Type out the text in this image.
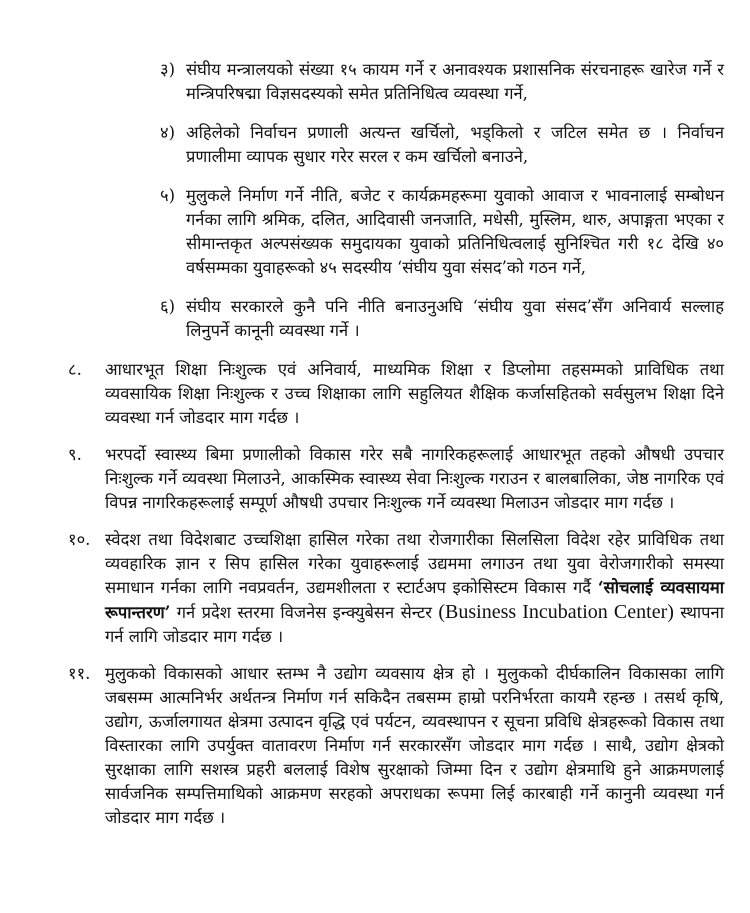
३) संघीय मन्त्रालयको संख्या १५ कायम गर्ने र अनावश्यक प्रशासनिक संरचनाहरू खारेज गर्ने र मन्त्रिपरिषद्मा विज्ञसदस्यको समेत प्रतिनिधित्व व्यवस्था गर्ने,
४) अहिलेको निर्वाचन प्रणाली अत्यन्त खर्चिलो, भड्किलो र जटिल समेत छ । निर्वाचन प्रणालीमा व्यापक सुधार गरेर सरल र कम खर्चिलो बनाउने,
५) मुलुकले निर्माण गर्ने नीति, बजेट र कार्यक्रमहरूमा युवाको आवाज र भावनालाई सम्बोधन गर्नका लागि श्रमिक, दलित, आदिवासी जनजाति, मधेसी, मुस्लिम, थारु, अपाङ्गता भएका र सीमान्तकृत अल्पसंख्यक समुदायका युवाको प्रतिनिधित्वलाई सुनिश्चित गरी १८ देखि ४० वर्षसम्मका युवाहरूको ४५ सदस्यीय ‘संघीय युवा संसद’को गठन गर्ने,
६) संघीय सरकारले कुनै पनि नीति बनाउनुअघि ‘संघीय युवा संसद’सँग अनिवार्य सल्लाह लिनुपर्ने कानूनी व्यवस्था गर्ने ।
८.	आधारभूत शिक्षा निःशुल्क एवं अनिवार्य, माध्यमिक शिक्षा र डिप्लोमा तहसम्मको प्राविधिक तथा व्यवसायिक शिक्षा निःशुल्क र उच्च शिक्षाका लागि सहुलियत शैक्षिक कर्जासहितको सर्वसुलभ शिक्षा दिने व्यवस्था गर्न जोडदार माग गर्दछ ।
९.	भरपर्दो स्वास्थ्य बिमा प्रणालीको विकास गरेर सबै नागरिकहरूलाई आधारभूत तहको औषधी उपचार निःशुल्क गर्ने व्यवस्था मिलाउने, आकस्मिक स्वास्थ्य सेवा निःशुल्क गराउन र बालबालिका, जेष्ठ नागरिक एवं विपन्न नागरिकहरूलाई सम्पूर्ण औषधी उपचार निःशुल्क गर्ने व्यवस्था मिलाउन जोडदार माग गर्दछ ।
१०. स्वेदश तथा विदेशबाट उच्चशिक्षा हासिल गरेका तथा रोजगारीका सिलसिला विदेश रहेर प्राविधिक तथा व्यवहारिक ज्ञान र सिप हासिल गरेका युवाहरूलाई उद्यममा लगाउन तथा युवा वेरोजगारीको समस्या समाधान गर्नका लागि नवप्रवर्तन, उद्यमशीलता र स्टार्टअप इकोसिस्टम विकास गर्दै ‘सोचलाई व्यवसायमा रूपान्तरण’ गर्न प्रदेश स्तरमा विजनेस इन्क्युबेसन सेन्टर (Business Incubation Center) स्थापना गर्न लागि जोडदार माग गर्दछ ।
११. मुलुकको विकासको आधार स्तम्भ नै उद्योग व्यवसाय क्षेत्र हो । मुलुकको दीर्घकालिन विकासका लागि जबसम्म आत्मनिर्भर अर्थतन्त्र निर्माण गर्न सकिदैन तबसम्म हाम्रो परनिर्भरता कायमै रहन्छ । तसर्थ कृषि, उद्योग, ऊर्जालगायत क्षेत्रमा उत्पादन वृद्धि एवं पर्यटन, व्यवस्थापन र सूचना प्रविधि क्षेत्रहरूको विकास तथा विस्तारका लागि उपर्युक्त वातावरण निर्माण गर्न सरकारसँग जोडदार माग गर्दछ । साथै, उद्योग क्षेत्रको सुरक्षाका लागि सशस्त्र प्रहरी बललाई विशेष सुरक्षाको जिम्मा दिन र उद्योग क्षेत्रमाथि हुने आक्रमणलाई सार्वजनिक सम्पत्तिमाथिको आक्रमण सरहको अपराधका रूपमा लिई कारबाही गर्ने कानुनी व्यवस्था गर्न जोडदार माग गर्दछ ।
